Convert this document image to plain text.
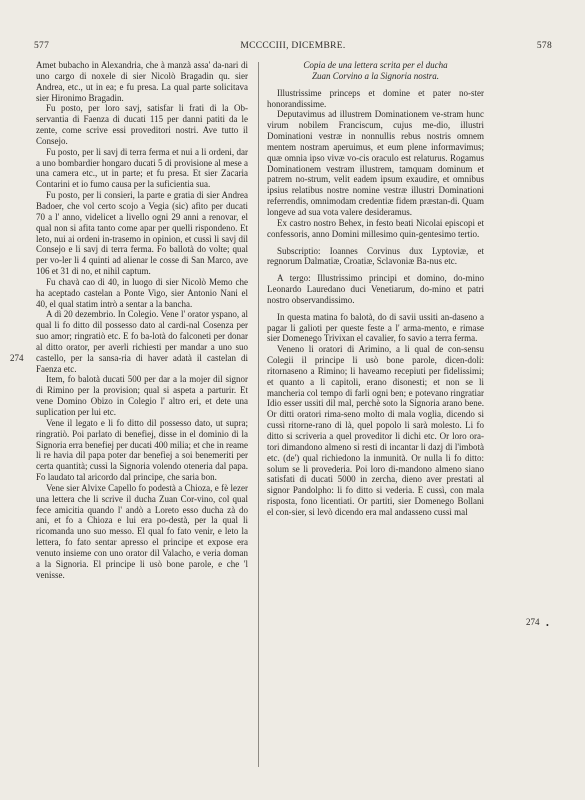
577	MCCCCIII, DICEMBRE.	578
274
274 •

Amet bubacho in Alexandria, che à manzà assa' da-nari di uno cargo di noxele di sier Nicolò Bragadin qu. sier Andrea, etc., ut in ea; e fu presa. La qual parte solicitava sier Hironimo Bragadin.

Fu posto, per loro savj, satisfar li frati di la Ob-servantia di Faenza di ducati 115 per danni patiti da le zente, come scrive essi proveditori nostri. Ave tutto il Consejo.

Fu posto, per li savj di terra ferma et nui a li ordeni, dar a uno bombardier hongaro ducati 5 di provisione al mese a una camera etc., ut in parte; et fu presa. Et sier Zacaria Contarini et io fumo causa per la suficientia sua.

Fu posto, per li consieri, la parte e gratia di sier Andrea Badoer, che vol certo scojo a Vegia (sic) afito per ducati 70 a l' anno, videlicet a livello ogni 29 anni a renovar, el qual non si afita tanto come apar per quelli rispondeno. Et leto, nui ai ordeni in-trasemo in opinion, et cussì li savj dil Consejo e li savj di terra ferma. Fo ballotà do volte; qual per vo-ler li 4 quinti ad alienar le cosse di San Marco, ave 106 et 31 di no, et nihil captum.

Fu chavà cao di 40, in luogo di sier Nicolò Memo che ha aceptado castelan a Ponte Vigo, sier Antonio Nani el 40, el qual statim intrò a sentar a la bancha.

A dì 20 dezembrio. In Colegio. Vene l' orator yspano, al qual li fo ditto dil possesso dato al cardi-nal Cosenza per suo amor; ringratiò etc. E fo ba-lotà do falconeti per donar al ditto orator, per averli richiesti per mandar a uno suo castello, per la sansa-ria di haver adatà il castelan di Faenza etc.

Item, fo balotà ducati 500 per dar a la mojer dil signor di Rimino per la provision; qual si aspeta a parturir. Et vene Domino Obizo in Colegio l' altro eri, et dete una suplication per lui etc.

Vene il legato e li fo ditto dil possesso dato, ut supra; ringratiò. Poi parlato di benefiej, disse in el dominio di la Signoria erra benefiej per ducati 400 milia; et che in reame li re havia dil papa poter dar benefiej a soi benemeriti per certa quantità; cussì la Signoria volendo oteneria dal papa. Fo laudato tal aricordo dal principe, che saria bon.

Vene sier Alvixe Capello fo podestà a Chioza, e fè lezer una lettera che li scrive il ducha Zuan Cor-vino, col qual fece amicitia quando l' andò a Loreto esso ducha zà do ani, et fo a Chioza e lui era po-destà, per la qual li ricomanda uno suo messo. El qual fo fato venir, e leto la lettera, fo fato sentar apresso el principe et expose era venuto insieme con uno orator dil Valacho, e veria doman a la Signoria. El principe li usò bone parole, e che 'l venisse.

Copia de una lettera scrita per el ducha

Zuan Corvino a la Signoria nostra.

Illustrissime princeps et domine et pater no-ster honorandissime.

Deputavimus ad illustrem Dominationem ve-stram hunc virum nobilem Franciscum, cujus me-dio, illustri Dominationi vestræ in nonnullis rebus nostris omnem mentem nostram aperuimus, et eum plene informavimus; quæ omnia ipso vivæ vo-cis oraculo est relaturus. Rogamus Dominationem vestram illustrem, tamquam dominum et patrem no-strum, velit eadem ipsum exaudire, et omnibus ipsius relatibus nostre nomine vestræ illustri Dominationi referrendis, omnimodam credentiæ fidem præstan-di. Quam longeve ad sua vota valere desideramus.

Ex castro nostro Behex, in festo beati Nicolai episcopi et confessoris, anno Domini millesimo quin-gentesimo tertio.

Subscriptio: Ioannes Corvinus dux Lyptoviæ, et regnorum Dalmatiæ, Croatiæ, Sclavoniæ Ba-nus etc.

A tergo: Illustrissimo principi et domino, do-mino Leonardo Lauredano duci Venetiarum, do-mino et patri nostro observandissimo.

In questa matina fo balotà, do di savii ussiti an-daseno a pagar li galioti per queste feste a l' arma-mento, e rimase sier Domenego Trivixan el cavalier, fo savio a terra ferma.

Veneno li oratori di Arimino, a li qual de con-sensu Colegii il principe li usò bone parole, dicen-doli: ritornaseno a Rimino; li haveamo recepiuti per fidelissimi; et quanto a li capitoli, erano disonesti; et non se li mancheria col tempo di farli ogni ben; e potevano ringratiar Idio esser ussiti dil mal, perchè soto la Signoria arano bene. Or ditti oratori rima-seno molto di mala voglia, dicendo si cussì ritorne-rano di là, quel popolo li sarà molesto. Li fo ditto si scriveria a quel proveditor li dichi etc. Or loro ora-tori dimandono almeno si resti di incantar li dazj di l'imbotà etc. (de') qual richiedono la inmunità. Or nulla li fo ditto: solum se li provederia. Poi loro di-mandono almeno siano satisfati di ducati 5000 in zercha, dieno aver prestati al signor Pandolpho: li fo ditto si vederia. E cussì, con mala risposta, fono licentiati. Or partiti, sier Domenego Bollani el con-sier, si levò dicendo era mal andasseno cussì mal
